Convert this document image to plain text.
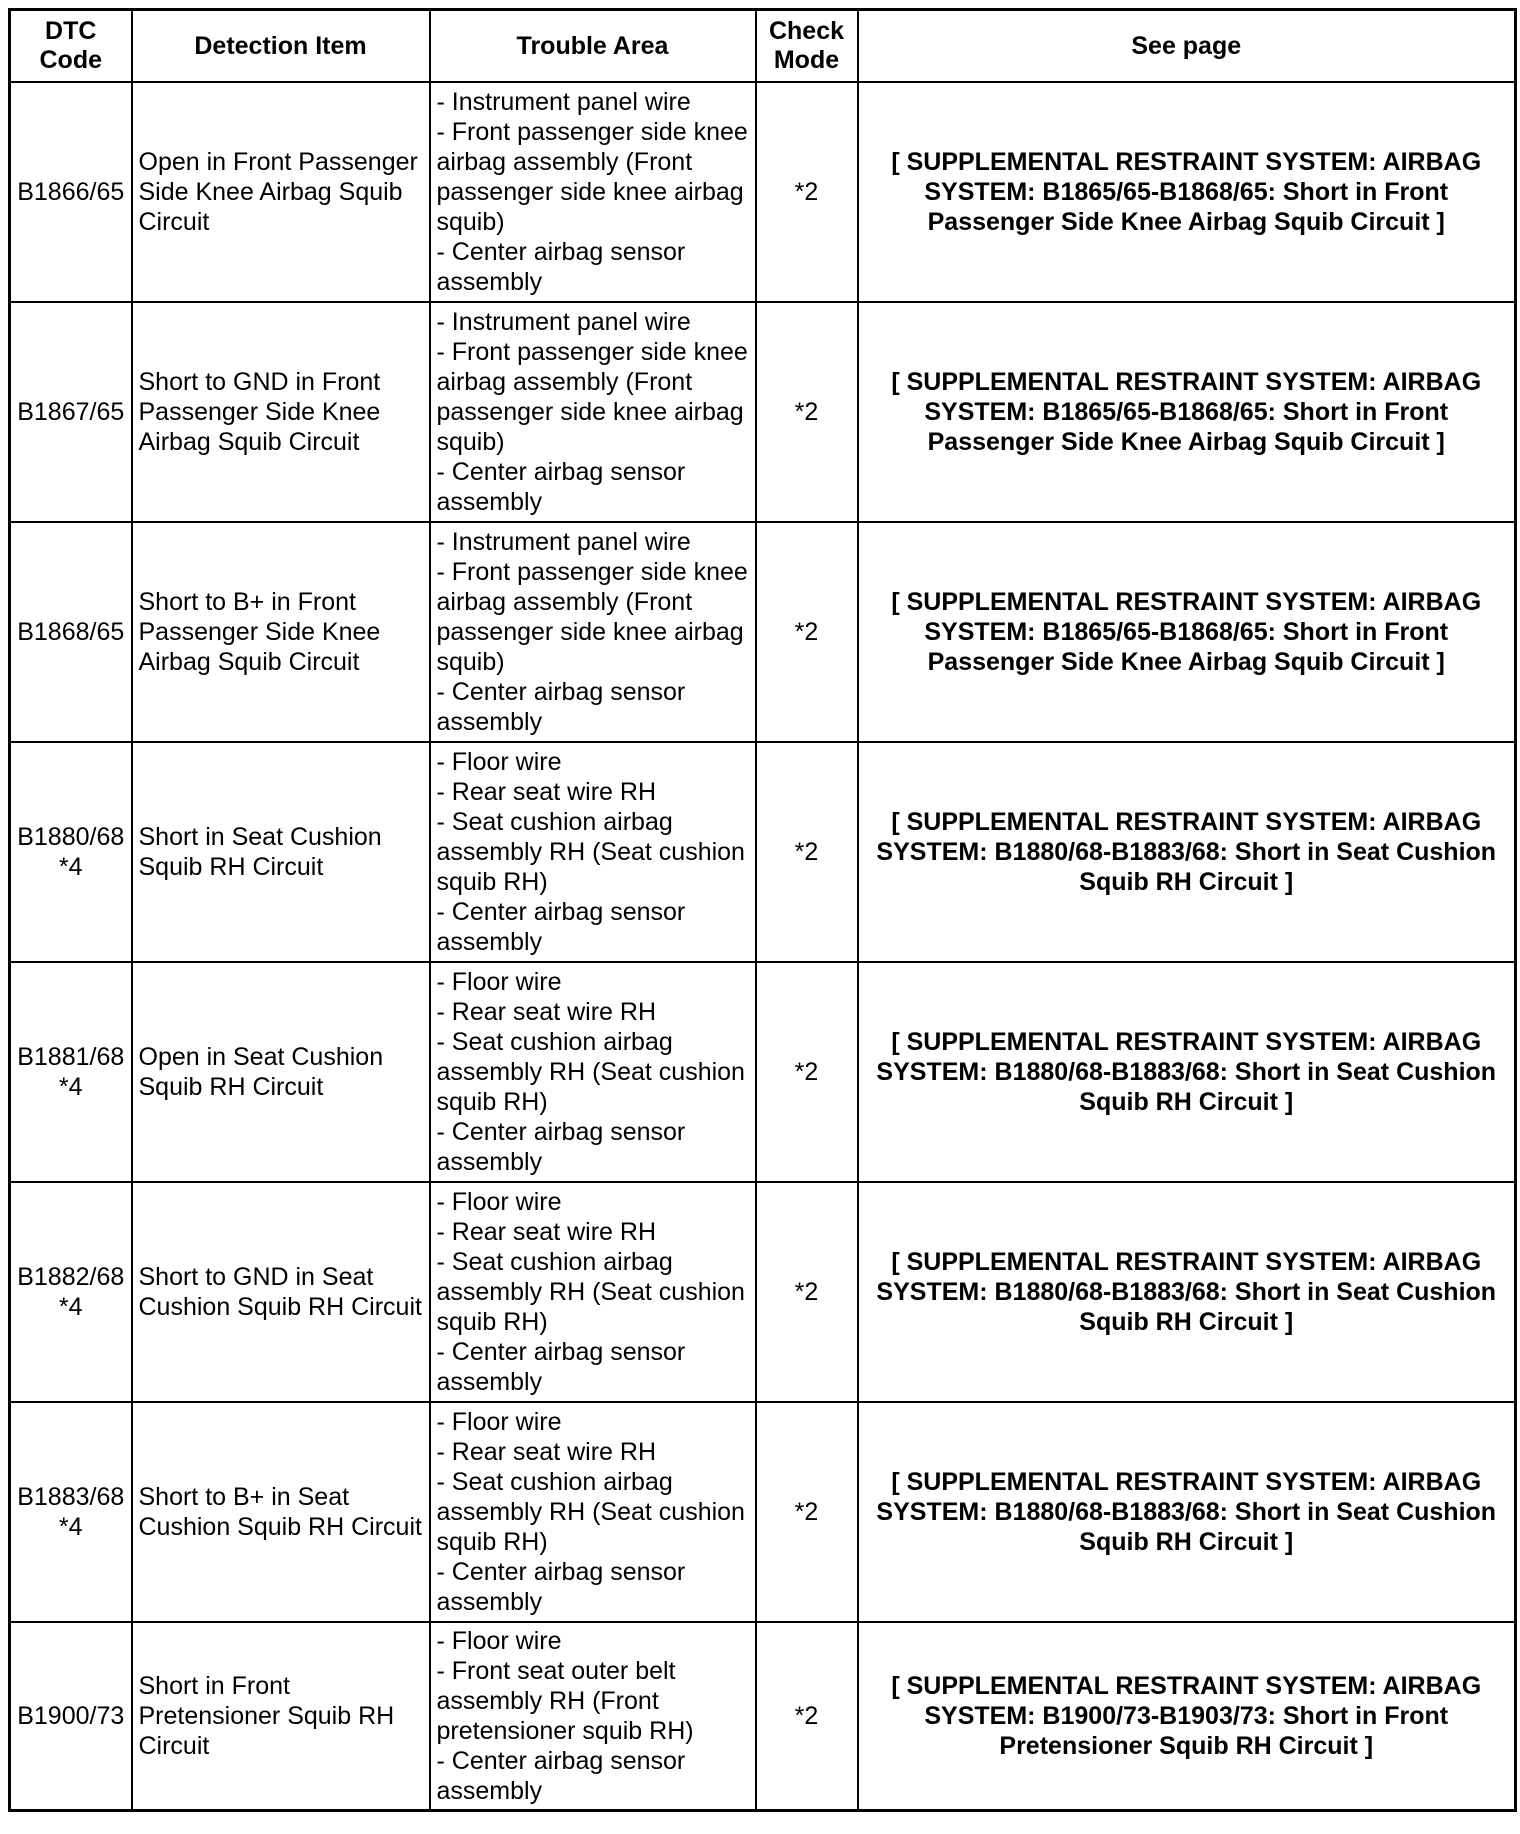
DTC Code	Detection Item	Trouble Area	Check Mode	See page

B1866/65	Open in Front Passenger Side Knee Airbag Squib Circuit	- Instrument panel wire
- Front passenger side knee airbag assembly (Front passenger side knee airbag squib)
- Center airbag sensor assembly	*2	[ SUPPLEMENTAL RESTRAINT SYSTEM: AIRBAG SYSTEM: B1865/65-B1868/65: Short in Front Passenger Side Knee Airbag Squib Circuit ]

B1867/65	Short to GND in Front Passenger Side Knee Airbag Squib Circuit	- Instrument panel wire
- Front passenger side knee airbag assembly (Front passenger side knee airbag squib)
- Center airbag sensor assembly	*2	[ SUPPLEMENTAL RESTRAINT SYSTEM: AIRBAG SYSTEM: B1865/65-B1868/65: Short in Front Passenger Side Knee Airbag Squib Circuit ]

B1868/65	Short to B+ in Front Passenger Side Knee Airbag Squib Circuit	- Instrument panel wire
- Front passenger side knee airbag assembly (Front passenger side knee airbag squib)
- Center airbag sensor assembly	*2	[ SUPPLEMENTAL RESTRAINT SYSTEM: AIRBAG SYSTEM: B1865/65-B1868/65: Short in Front Passenger Side Knee Airbag Squib Circuit ]

B1880/68
*4	Short in Seat Cushion Squib RH Circuit	- Floor wire
- Rear seat wire RH
- Seat cushion airbag assembly RH (Seat cushion squib RH)
- Center airbag sensor assembly	*2	[ SUPPLEMENTAL RESTRAINT SYSTEM: AIRBAG SYSTEM: B1880/68-B1883/68: Short in Seat Cushion Squib RH Circuit ]

B1881/68
*4	Open in Seat Cushion Squib RH Circuit	- Floor wire
- Rear seat wire RH
- Seat cushion airbag assembly RH (Seat cushion squib RH)
- Center airbag sensor assembly	*2	[ SUPPLEMENTAL RESTRAINT SYSTEM: AIRBAG SYSTEM: B1880/68-B1883/68: Short in Seat Cushion Squib RH Circuit ]

B1882/68
*4	Short to GND in Seat Cushion Squib RH Circuit	- Floor wire
- Rear seat wire RH
- Seat cushion airbag assembly RH (Seat cushion squib RH)
- Center airbag sensor assembly	*2	[ SUPPLEMENTAL RESTRAINT SYSTEM: AIRBAG SYSTEM: B1880/68-B1883/68: Short in Seat Cushion Squib RH Circuit ]

B1883/68
*4	Short to B+ in Seat Cushion Squib RH Circuit	- Floor wire
- Rear seat wire RH
- Seat cushion airbag assembly RH (Seat cushion squib RH)
- Center airbag sensor assembly	*2	[ SUPPLEMENTAL RESTRAINT SYSTEM: AIRBAG SYSTEM: B1880/68-B1883/68: Short in Seat Cushion Squib RH Circuit ]

B1900/73	Short in Front Pretensioner Squib RH Circuit	- Floor wire
- Front seat outer belt assembly RH (Front pretensioner squib RH)
- Center airbag sensor assembly	*2	[ SUPPLEMENTAL RESTRAINT SYSTEM: AIRBAG SYSTEM: B1900/73-B1903/73: Short in Front Pretensioner Squib RH Circuit ]
